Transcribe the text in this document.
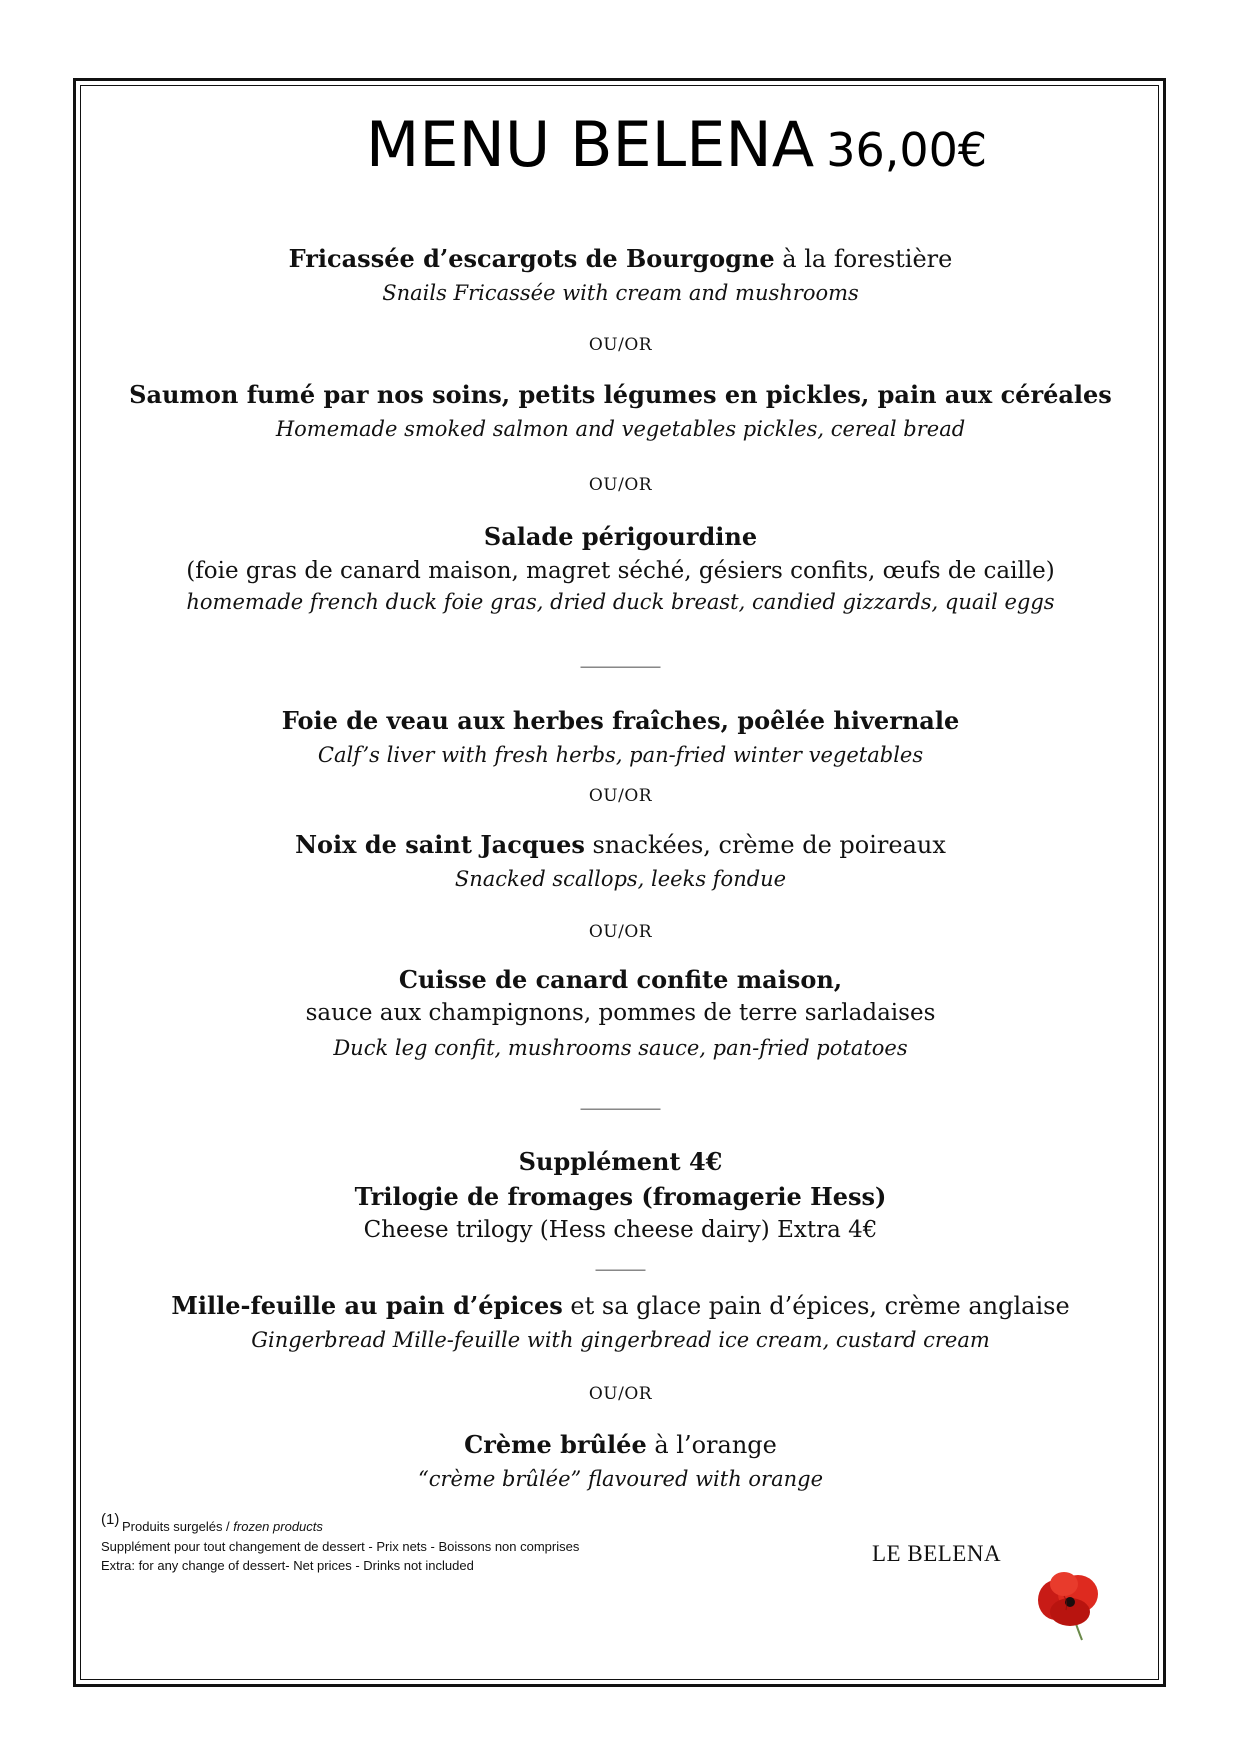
MENU BELENA 36,00€
Fricassée d’escargots de Bourgogne à la forestière
Snails Fricassée with cream and mushrooms
OU/OR
Saumon fumé par nos soins, petits légumes en pickles, pain aux céréales
Homemade smoked salmon and vegetables pickles, cereal bread
OU/OR
Salade périgourdine
(foie gras de canard maison, magret séché, gésiers confits, œufs de caille)
homemade french duck foie gras, dried duck breast, candied gizzards, quail eggs
________
Foie de veau aux herbes fraîches, poêlée hivernale
Calf’s liver with fresh herbs, pan-fried winter vegetables
OU/OR
Noix de saint Jacques snackées, crème de poireaux
Snacked scallops, leeks fondue
OU/OR
Cuisse de canard confite maison,
sauce aux champignons, pommes de terre sarladaises
Duck leg confit, mushrooms sauce, pan-fried potatoes
________
Supplément 4€
Trilogie de fromages (fromagerie Hess)
Cheese trilogy (Hess cheese dairy) Extra 4€
_____
Mille-feuille au pain d’épices et sa glace pain d’épices, crème anglaise
Gingerbread Mille-feuille with gingerbread ice cream, custard cream
OU/OR
Crème brûlée à l’orange
“crème brûlée” flavoured with orange
(1) Produits surgelés / frozen products
Supplément pour tout changement de dessert - Prix nets - Boissons non comprises
Extra: for any change of dessert- Net prices - Drinks not included	LE BELENA
